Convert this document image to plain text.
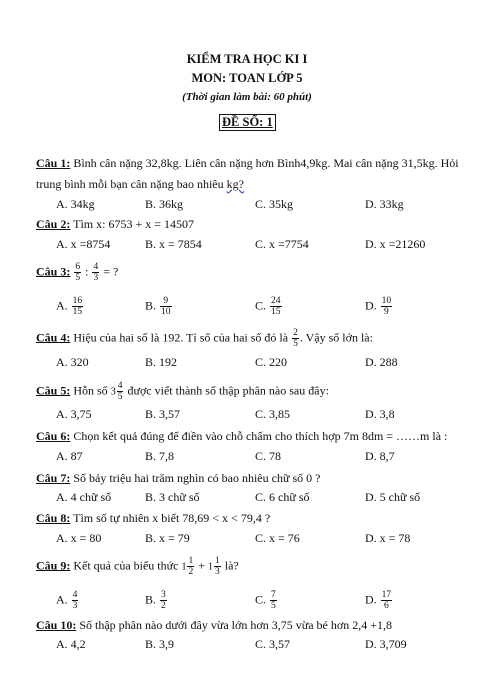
KIỂM TRA HỌC KI I
MON: TOAN LỚP 5
(Thời gian làm bài: 60 phút)
ĐỀ SỐ: 1
Câu 1: Bình cân nặng 32,8kg. Liên cân nặng hơn Bình4,9kg. Mai cân nặng 31,5kg. Hỏi
trung bình mỗi bạn cân nặng bao nhiêu kg?
A. 34kg	B. 36kg	C. 35kg	D. 33kg
Câu 2: Tìm x: 6753 + x = 14507
A. x =8754	B. x = 7854	C. x =7754	D. x =21260
Câu 3: $\frac{6}{5}$ : $\frac{4}{3}$ = ?
A. $\frac{16}{15}$	B. $\frac{9}{10}$	C. $\frac{24}{15}$	D. $\frac{10}{9}$
Câu 4: Hiệu của hai số là 192. Tỉ số của hai số đó là $\frac{2}{5}$ . Vậy số lớn là:
A. 320	B. 192	C. 220	D. 288
Câu 5: Hỗn số $3 \frac{4}{5}$ được viết thành số thập phân nào sau đây:
A. 3,75	B. 3,57	C. 3,85	D. 3,8
Câu 6: Chọn kết quả đúng để điền vào chỗ chấm cho thích hợp 7m 8dm = ……m là :
A. 87	B. 7,8	C. 78	D. 8,7
Câu 7: Số bảy triệu hai trăm nghìn có bao nhiêu chữ số 0 ?
A. 4 chữ số	B. 3 chữ số	C. 6 chữ số	D. 5 chữ số
Câu 8: Tìm số tự nhiên x biết 78,69 < x < 79,4 ?
A. x = 80	B. x = 79	C. x = 76	D. x = 78
Câu 9: Kết quả của biểu thức $1 \frac{1}{2} + 1 \frac{1}{3}$ là?
A. $\frac{4}{3}$	B. $\frac{3}{2}$	C. $\frac{7}{5}$	D. $\frac{17}{6}$
Câu 10: Số thập phân nào dưới đây vừa lớn hơn 3,75 vừa bé hơn 2,4 +1,8
A. 4,2	B. 3,9	C. 3,57	D. 3,709
